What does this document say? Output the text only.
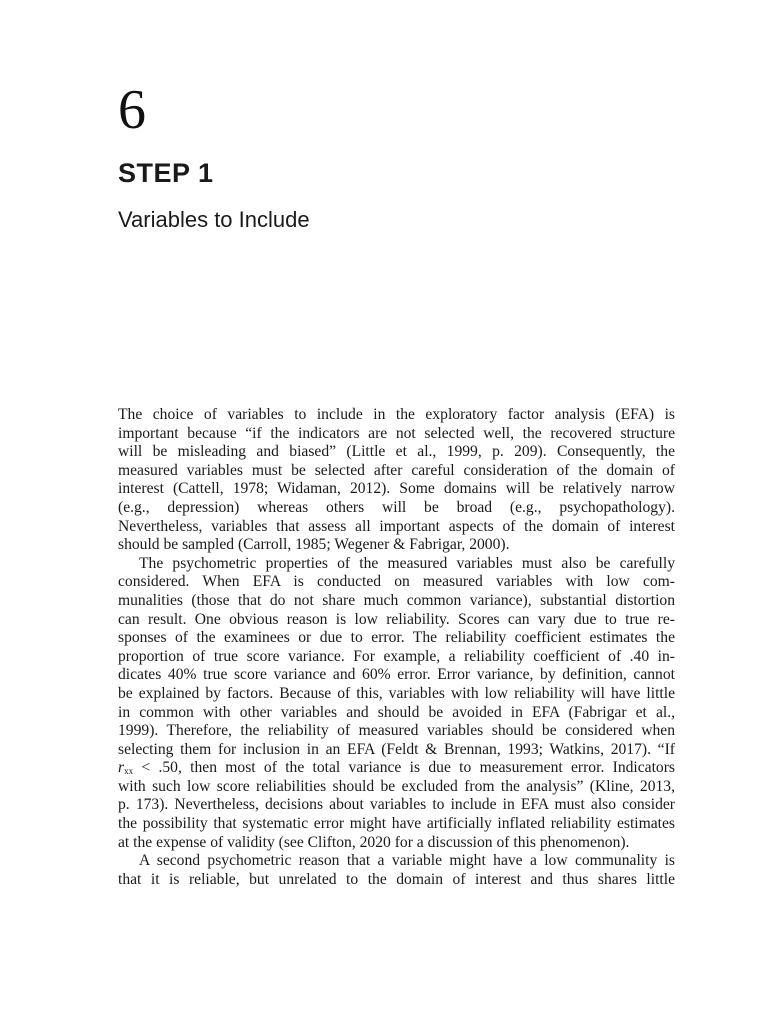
6
STEP 1
Variables to Include
The choice of variables to include in the exploratory factor analysis (EFA) is
important because “if the indicators are not selected well, the recovered structure
will be misleading and biased” (Little et al., 1999, p. 209). Consequently, the
measured variables must be selected after careful consideration of the domain of
interest (Cattell, 1978; Widaman, 2012). Some domains will be relatively narrow
(e.g., depression) whereas others will be broad (e.g., psychopathology).
Nevertheless, variables that assess all important aspects of the domain of interest
should be sampled (Carroll, 1985; Wegener & Fabrigar, 2000).
The psychometric properties of the measured variables must also be carefully
considered. When EFA is conducted on measured variables with low com-
munalities (those that do not share much common variance), substantial distortion
can result. One obvious reason is low reliability. Scores can vary due to true re-
sponses of the examinees or due to error. The reliability coefficient estimates the
proportion of true score variance. For example, a reliability coefficient of .40 in-
dicates 40% true score variance and 60% error. Error variance, by definition, cannot
be explained by factors. Because of this, variables with low reliability will have little
in common with other variables and should be avoided in EFA (Fabrigar et al.,
1999). Therefore, the reliability of measured variables should be considered when
selecting them for inclusion in an EFA (Feldt & Brennan, 1993; Watkins, 2017). “If
$r_{xx} < .50$, then most of the total variance is due to measurement error. Indicators
with such low score reliabilities should be excluded from the analysis” (Kline, 2013,
p. 173). Nevertheless, decisions about variables to include in EFA must also consider
the possibility that systematic error might have artificially inflated reliability estimates
at the expense of validity (see Clifton, 2020 for a discussion of this phenomenon).
A second psychometric reason that a variable might have a low communality is
that it is reliable, but unrelated to the domain of interest and thus shares little
